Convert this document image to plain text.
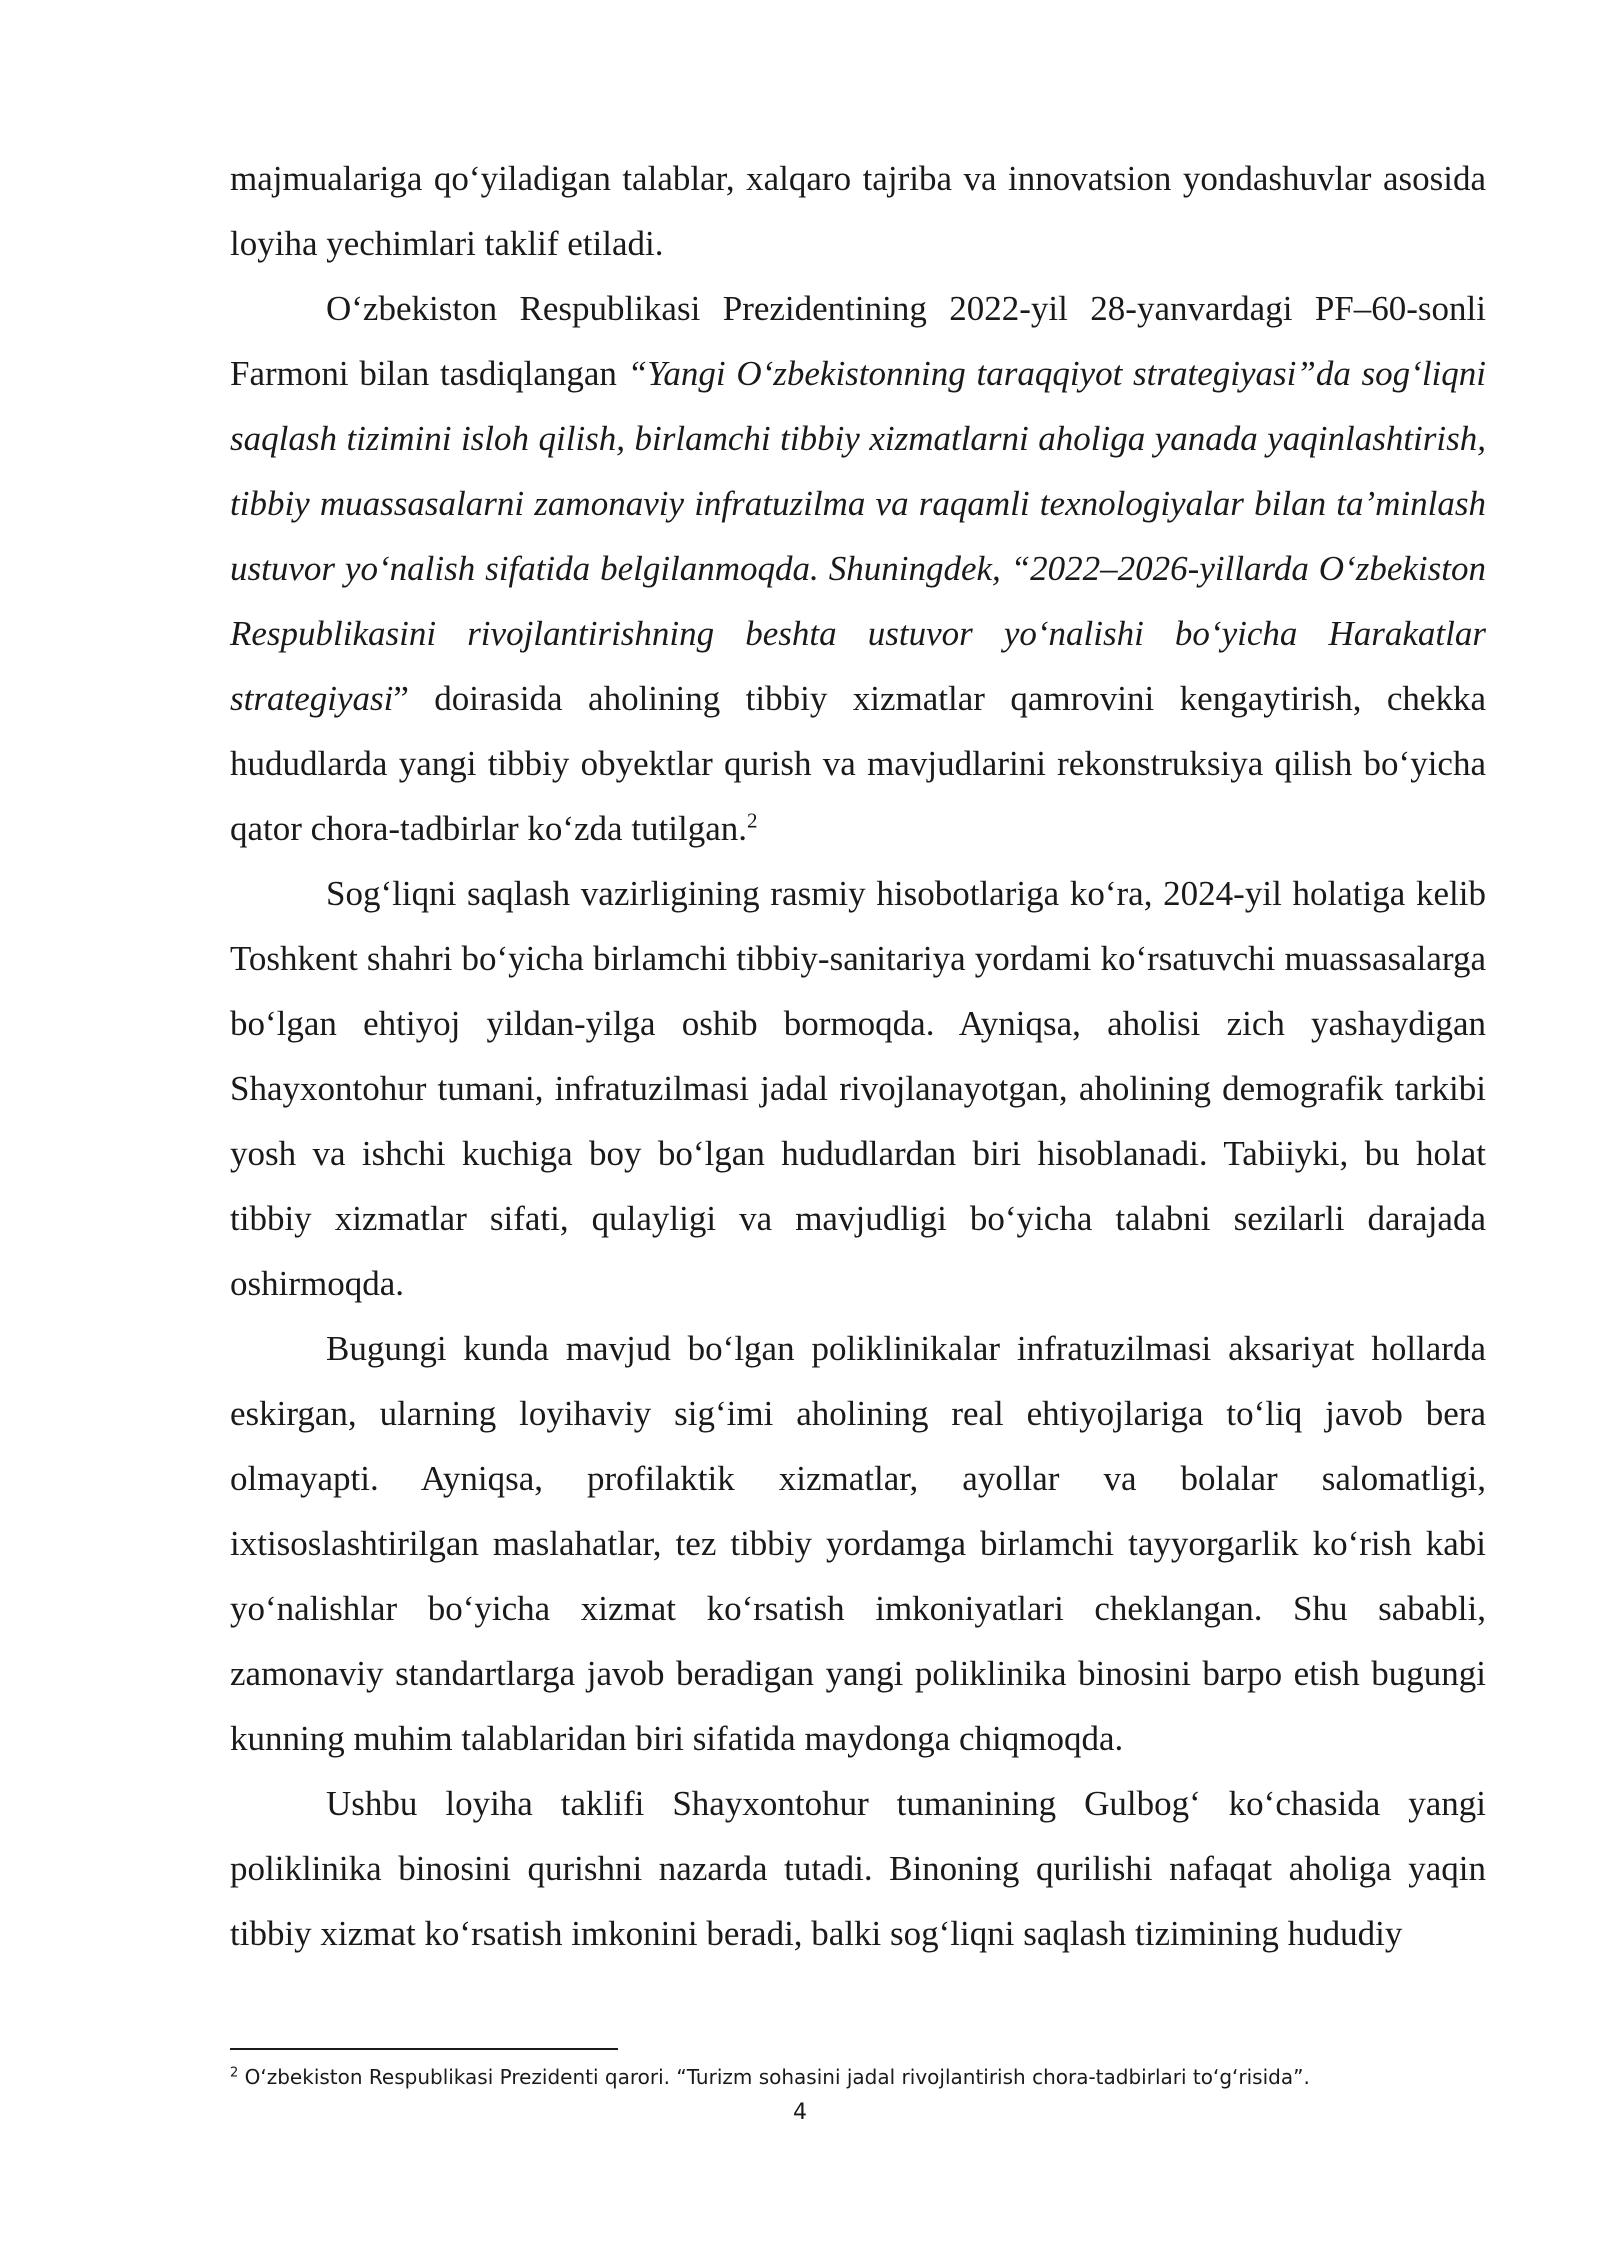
majmualariga qo‘yiladigan talablar, xalqaro tajriba va innovatsion yondashuvlar asosida loyiha yechimlari taklif etiladi.

O‘zbekiston Respublikasi Prezidentining 2022-yil 28-yanvardagi PF–60-sonli Farmoni bilan tasdiqlangan “Yangi O‘zbekistonning taraqqiyot strategiyasi”da sog‘liqni saqlash tizimini isloh qilish, birlamchi tibbiy xizmatlarni aholiga yanada yaqinlashtirish, tibbiy muassasalarni zamonaviy infratuzilma va raqamli texnologiyalar bilan ta’minlash ustuvor yo‘nalish sifatida belgilanmoqda. Shuningdek, “2022–2026-yillarda O‘zbekiston Respublikasini rivojlantirishning beshta ustuvor yo‘nalishi bo‘yicha Harakatlar strategiyasi” doirasida aholining tibbiy xizmatlar qamrovini kengaytirish, chekka hududlarda yangi tibbiy obyektlar qurish va mavjudlarini rekonstruksiya qilish bo‘yicha qator chora-tadbirlar ko‘zda tutilgan.$^2$

Sog‘liqni saqlash vazirligining rasmiy hisobotlariga ko‘ra, 2024-yil holatiga kelib Toshkent shahri bo‘yicha birlamchi tibbiy-sanitariya yordami ko‘rsatuvchi muassasalarga bo‘lgan ehtiyoj yildan-yilga oshib bormoqda. Ayniqsa, aholisi zich yashaydigan Shayxontohur tumani, infratuzilmasi jadal rivojlanayotgan, aholining demografik tarkibi yosh va ishchi kuchiga boy bo‘lgan hududlardan biri hisoblanadi. Tabiiyki, bu holat tibbiy xizmatlar sifati, qulayligi va mavjudligi bo‘yicha talabni sezilarli darajada oshirmoqda.

Bugungi kunda mavjud bo‘lgan poliklinikalar infratuzilmasi aksariyat hollarda eskirgan, ularning loyihaviy sig‘imi aholining real ehtiyojlariga to‘liq javob bera olmayapti. Ayniqsa, profilaktik xizmatlar, ayollar va bolalar salomatligi, ixtisoslashtirilgan maslahatlar, tez tibbiy yordamga birlamchi tayyorgarlik ko‘rish kabi yo‘nalishlar bo‘yicha xizmat ko‘rsatish imkoniyatlari cheklangan. Shu sababli, zamonaviy standartlarga javob beradigan yangi poliklinika binosini barpo etish bugungi kunning muhim talablaridan biri sifatida maydonga chiqmoqda.

Ushbu loyiha taklifi Shayxontohur tumanining Gulbog‘ ko‘chasida yangi poliklinika binosini qurishni nazarda tutadi. Binoning qurilishi nafaqat aholiga yaqin tibbiy xizmat ko‘rsatish imkonini beradi, balki sog‘liqni saqlash tizimining hududiy

$^2$ O‘zbekiston Respublikasi Prezidenti qarori. “Turizm sohasini jadal rivojlantirish chora-tadbirlari to‘g‘risida”.
4
